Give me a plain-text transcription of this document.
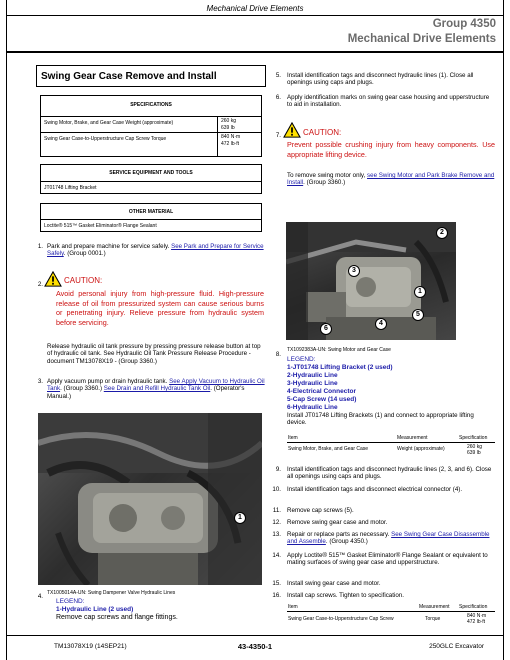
Mechanical Drive Elements
Group 4350
Mechanical Drive Elements
Swing Gear Case Remove and Install
SPECIFICATIONS
Swing Motor, Brake, and Gear Case Weight (approximate)	260 kg
639 lb
Swing Gear Case-to-Upperstructure Cap Screw Torque	840 N·m
472 lb·ft
SERVICE EQUIPMENT AND TOOLS
JT01748 Lifting Bracket
OTHER MATERIAL
Loctite® 515™ Gasket Eliminator® Flange Sealant
1. Park and prepare machine for service safely. See Park and Prepare for Service Safely. (Group 0001.)
2.	CAUTION:
Avoid personal injury from high-pressure fluid. High-pressure release of oil from pressurized system can cause serious burns or penetrating injury. Relieve pressure from hydraulic system before servicing.
Release hydraulic oil tank pressure by pressing pressure release button at top of hydraulic oil tank. See Hydraulic Oil Tank Pressure Release Procedure - document TM13078X19 - (Group 3360.)
3. Apply vacuum pump or drain hydraulic tank. See Apply Vacuum to Hydraulic Oil Tank. (Group 3360.) See Drain and Refill Hydraulic Tank Oil. (Operator's Manual.)
1
TX1005014A-UN: Swing Dampener Valve Hydraulic Lines
4.
LEGEND:
1-Hydraulic Line (2 used)
Remove cap screws and flange fittings.
5. Install identification tags and disconnect hydraulic lines (1). Close all openings using caps and plugs.
6. Apply identification marks on swing gear case housing and upperstructure to aid in installation.
7.	CAUTION:
Prevent possible crushing injury from heavy components. Use appropriate lifting device.
To remove swing motor only, see Swing Motor and Park Brake Remove and Install. (Group 3360.)
3
1
5
4
6
2
TX1092383A-UN: Swing Motor and Gear Case
8.
LEGEND:
1-JT01748 Lifting Bracket (2 used)
2-Hydraulic Line
3-Hydraulic Line
4-Electrical Connector
5-Cap Screw (14 used)
6-Hydraulic Line
Install JT01748 Lifting Brackets (1) and connect to appropriate lifting device.
Item	Measurement	Specification
Swing Motor, Brake, and Gear Case	Weight (approximate)	260 kg
639 lb
9. Install identification tags and disconnect hydraulic lines (2, 3, and 6). Close all openings using caps and plugs.
10. Install identification tags and disconnect electrical connector (4).
11. Remove cap screws (5).
12. Remove swing gear case and motor.
13. Repair or replace parts as necessary. See Swing Gear Case Disassemble and Assemble. (Group 4350.)
14. Apply Loctite® 515™ Gasket Eliminator® Flange Sealant or equivalent to mating surfaces of swing gear case and upperstructure.
15. Install swing gear case and motor.
16. Install cap screws. Tighten to specification.
Item	Measurement Specification
Swing Gear Case-to-Upperstructure Cap Screw	Torque	840 N·m
472 lb·ft
TM13078X19 (14SEP21)	43-4350-1	250GLC Excavator
